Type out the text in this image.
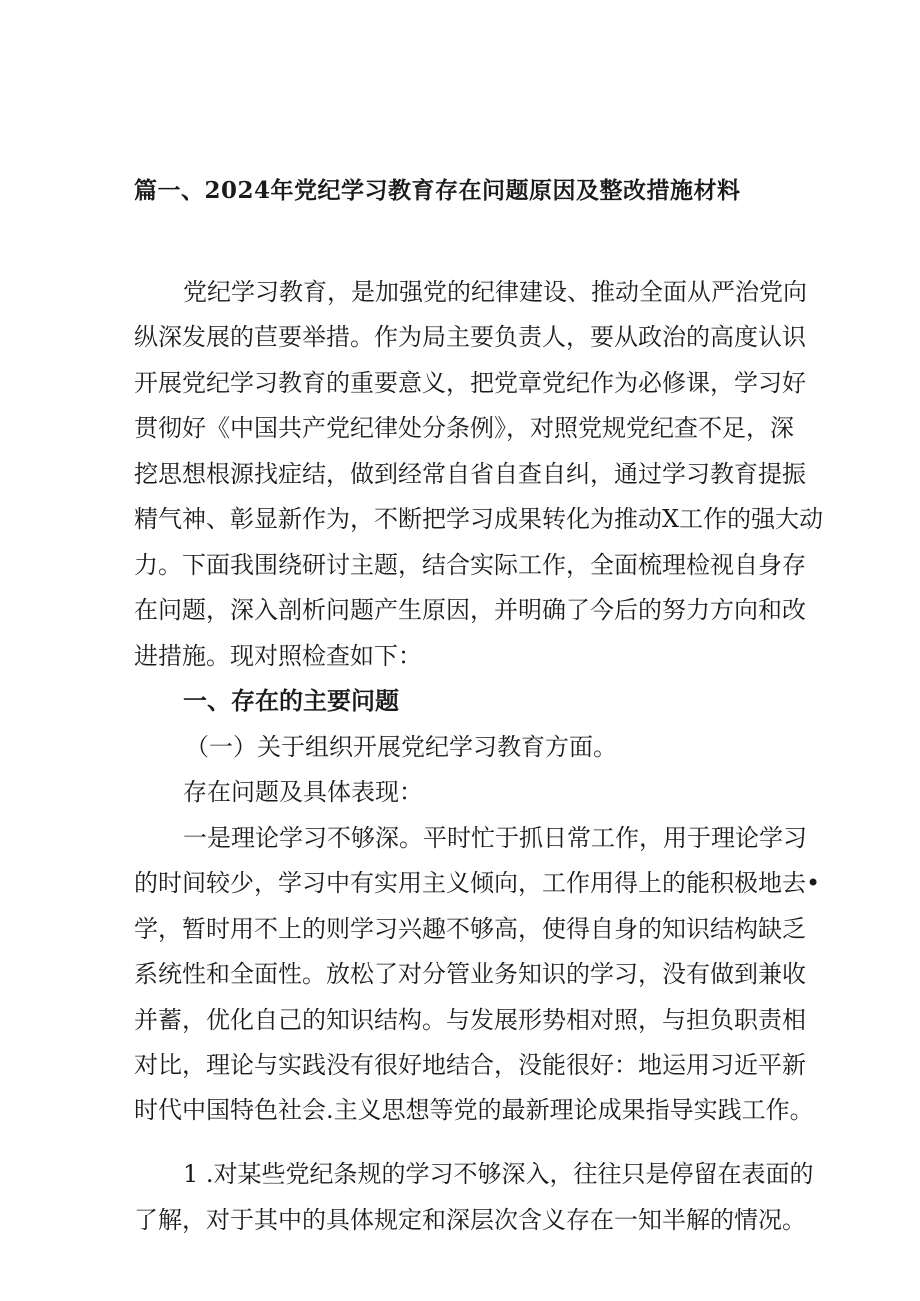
篇一、2024年党纪学习教育存在问题原因及整改措施材料

党纪学习教育，是加强党的纪律建设、推动全面从严治党向

纵深发展的苣要举措。作为局主要负责人，要从政治的高度认识

开展党纪学习教育的重要意义，把党章党纪作为必修课，学习好

贯彻好《中国共产党纪律处分条例》，对照党规党纪查不足，深

挖思想根源找症结，做到经常自省自查自纠，通过学习教育提振

精气神、彰显新作为，不断把学习成果转化为推动X工作的强大动

力。下面我围绕研讨主题，结合实际工作，全面梳理检视自身存

在问题，深入剖析问题产生原因，并明确了今后的努力方向和改

进措施。现对照检查如下：

一、存在的主要问题

（一）关于组织开展党纪学习教育方面。

存在问题及具体表现：

一是理论学习不够深。平时忙于抓日常工作，用于理论学习

的时间较少，学习中有实用主义倾向，工作用得上的能积极地去•

学，暂时用不上的则学习兴趣不够高，使得自身的知识结构缺乏

系统性和全面性。放松了对分管业务知识的学习，没有做到兼收

并蓄，优化自己的知识结构。与发展形势相对照，与担负职责相

对比，理论与实践没有很好地结合，没能很好：地运用习近平新

时代中国特色社会.主义思想等党的最新理论成果指导实践工作。

1 .对某些党纪条规的学习不够深入，往往只是停留在表面的

了解，对于其中的具体规定和深层次含义存在一知半解的情况。
